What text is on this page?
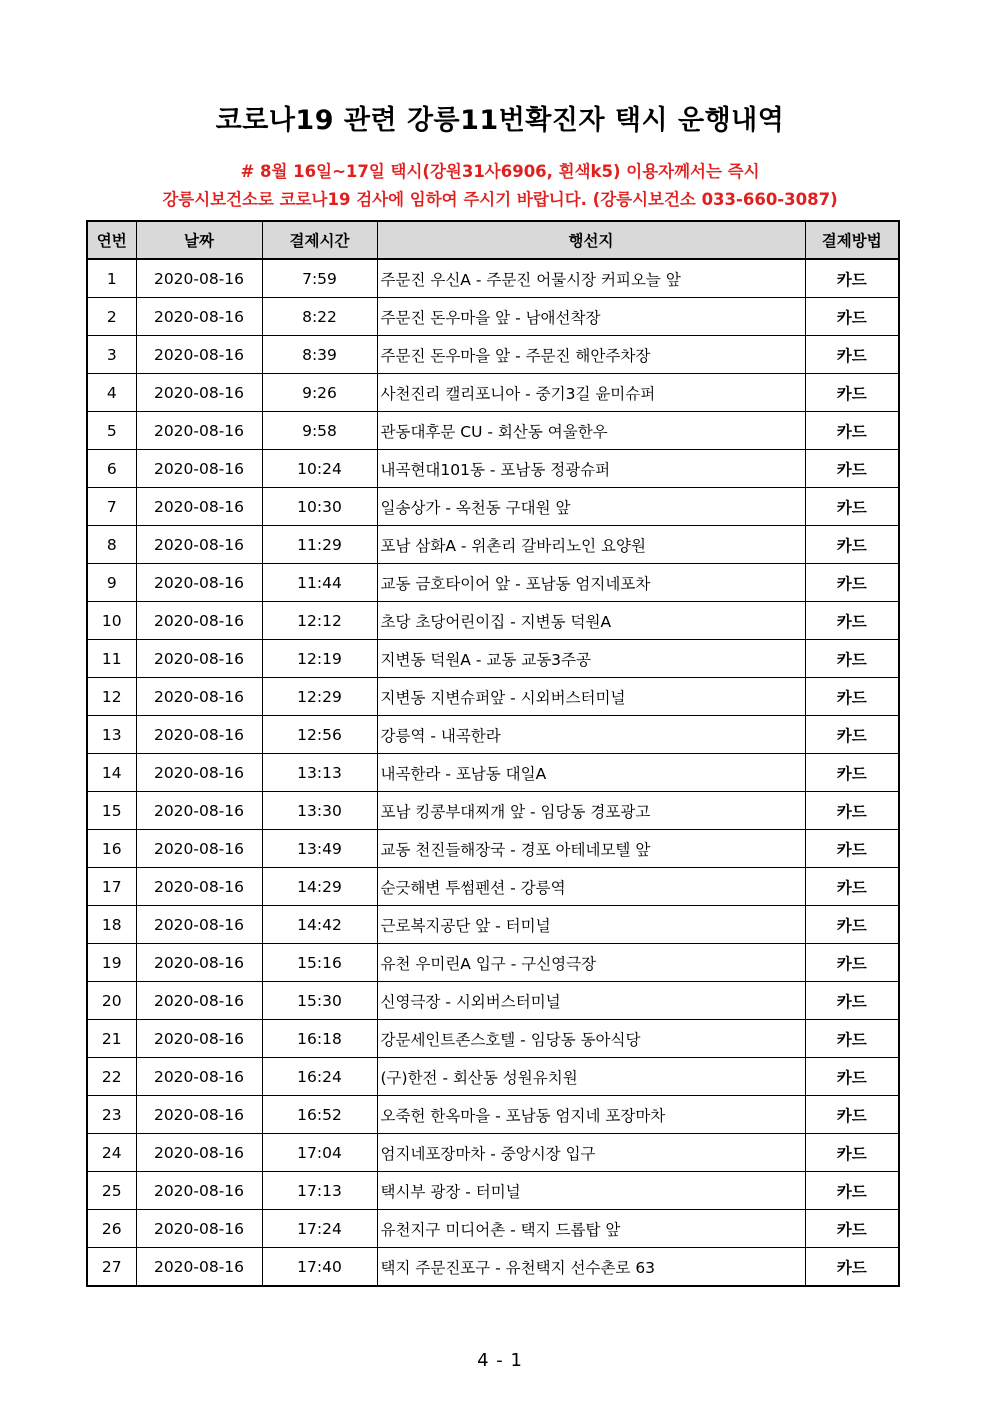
코로나19 관련 강릉11번확진자 택시 운행내역
# 8월 16일~17일 택시(강원31사6906, 흰색k5) 이용자께서는 즉시
강릉시보건소로 코로나19 검사에 임하여 주시기 바랍니다. (강릉시보건소 033-660-3087)
연번	날짜	결제시간	행선지	결제방법
1	2020-08-16	7:59	주문진 우신A - 주문진 어물시장 커피오늘 앞	카드
2	2020-08-16	8:22	주문진 돈우마을 앞 - 남애선착장	카드
3	2020-08-16	8:39	주문진 돈우마을 앞 - 주문진 해안주차장	카드
4	2020-08-16	9:26	사천진리 캘리포니아 - 중기3길 윤미슈퍼	카드
5	2020-08-16	9:58	관동대후문 CU - 회산동 여울한우	카드
6	2020-08-16	10:24	내곡현대101동 - 포남동 정광슈퍼	카드
7	2020-08-16	10:30	일송상가 - 옥천동 구대원 앞	카드
8	2020-08-16	11:29	포남 삼화A - 위촌리 갈바리노인 요양원	카드
9	2020-08-16	11:44	교동 금호타이어 앞 - 포남동 엄지네포차	카드
10	2020-08-16	12:12	초당 초당어린이집 - 지변동 덕원A	카드
11	2020-08-16	12:19	지변동 덕원A - 교동 교동3주공	카드
12	2020-08-16	12:29	지변동 지변슈퍼앞 - 시외버스터미널	카드
13	2020-08-16	12:56	강릉역 - 내곡한라	카드
14	2020-08-16	13:13	내곡한라 - 포남동 대일A	카드
15	2020-08-16	13:30	포남 킹콩부대찌개 앞 - 임당동 경포광고	카드
16	2020-08-16	13:49	교동 천진들해장국 - 경포 아테네모텔 앞	카드
17	2020-08-16	14:29	순긋해변 투썸펜션 - 강릉역	카드
18	2020-08-16	14:42	근로복지공단 앞 - 터미널	카드
19	2020-08-16	15:16	유천 우미린A 입구 - 구신영극장	카드
20	2020-08-16	15:30	신영극장 - 시외버스터미널	카드
21	2020-08-16	16:18	강문세인트존스호텔 - 임당동 동아식당	카드
22	2020-08-16	16:24	(구)한전 - 회산동 성원유치원	카드
23	2020-08-16	16:52	오죽헌 한옥마을 - 포남동 엄지네 포장마차	카드
24	2020-08-16	17:04	엄지네포장마차 - 중앙시장 입구	카드
25	2020-08-16	17:13	택시부 광장 - 터미널	카드
26	2020-08-16	17:24	유천지구 미디어촌 - 택지 드롭탑 앞	카드
27	2020-08-16	17:40	택지 주문진포구 - 유천택지 선수촌로 63	카드
4 - 1
